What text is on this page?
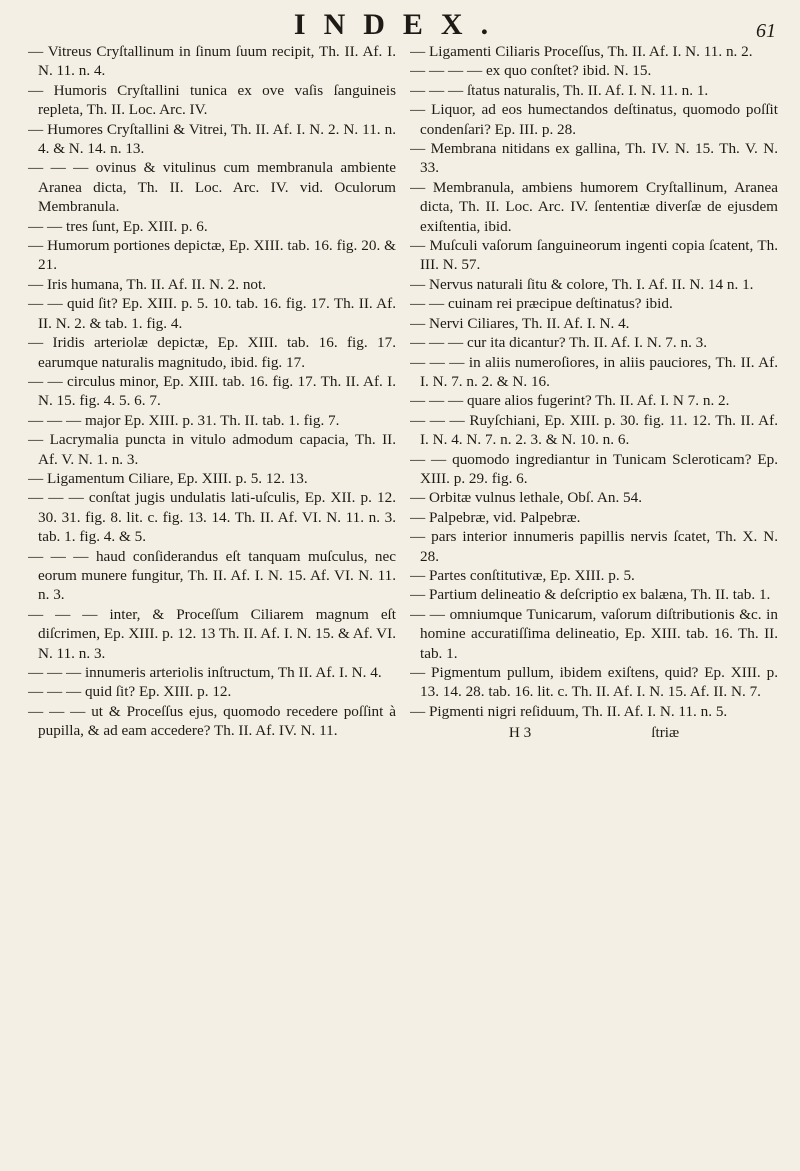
INDEX.	61

— Vitreus Cryſtallinum in ſinum ſuum recipit, Th. II. Af. I. N. 11. n. 4.

— Humoris Cryſtallini tunica ex ove vaſis ſanguineis repleta, Th. II. Loc. Arc. IV.

— Humores Cryſtallini & Vitrei, Th. II. Af. I. N. 2. N. 11. n. 4. & N. 14. n. 13.

— — — ovinus & vitulinus cum membranula ambiente Aranea dicta, Th. II. Loc. Arc. IV. vid. Oculorum Membranula.

— — tres ſunt, Ep. XIII. p. 6.

— Humorum portiones depictæ, Ep. XIII. tab. 16. fig. 20. & 21.

— Iris humana, Th. II. Af. II. N. 2. not.

— — quid ſit? Ep. XIII. p. 5. 10. tab. 16. fig. 17. Th. II. Af. II. N. 2. & tab. 1. fig. 4.

— Iridis arteriolæ depictæ, Ep. XIII. tab. 16. fig. 17. earumque naturalis magnitudo, ibid. fig. 17.

— — circulus minor, Ep. XIII. tab. 16. fig. 17. Th. II. Af. I. N. 15. fig. 4. 5. 6. 7.

— — — major Ep. XIII. p. 31. Th. II. tab. 1. fig. 7.

— Lacrymalia puncta in vitulo admodum capacia, Th. II. Af. V. N. 1. n. 3.

— Ligamentum Ciliare, Ep. XIII. p. 5. 12. 13.

— — — conſtat jugis undulatis lati-uſculis, Ep. XII. p. 12. 30. 31. fig. 8. lit. c. fig. 13. 14. Th. II. Af. VI. N. 11. n. 3. tab. 1. fig. 4. & 5.

— — — haud conſiderandus eſt tanquam muſculus, nec eorum munere fungitur, Th. II. Af. I. N. 15. Af. VI. N. 11. n. 3.

— — — inter, & Proceſſum Ciliarem magnum eſt diſcrimen, Ep. XIII. p. 12. 13 Th. II. Af. I. N. 15. & Af. VI. N. 11. n. 3.

— — — innumeris arteriolis inſtructum, Th II. Af. I. N. 4.

— — — quid ſit? Ep. XIII. p. 12.

— — — ut & Proceſſus ejus, quomodo recedere poſſint à pupilla, & ad eam accedere? Th. II. Af. IV. N. 11.

— Ligamenti Ciliaris Proceſſus, Th. II. Af. I. N. 11. n. 2.

— — — — ex quo conſtet? ibid. N. 15.

— — — ſtatus naturalis, Th. II. Af. I. N. 11. n. 1.

— Liquor, ad eos humectandos deſtinatus, quomodo poſſit condenſari? Ep. III. p. 28.

— Membrana nitidans ex gallina, Th. IV. N. 15. Th. V. N. 33.

— Membranula, ambiens humorem Cryſtallinum, Aranea dicta, Th. II. Loc. Arc. IV. ſententiæ diverſæ de ejusdem exiſtentia, ibid.

— Muſculi vaſorum ſanguineorum ingenti copia ſcatent, Th. III. N. 57.

— Nervus naturali ſitu & colore, Th. I. Af. II. N. 14 n. 1.

— — cuinam rei præcipue deſtinatus? ibid.

— Nervi Ciliares, Th. II. Af. I. N. 4.

— — — cur ita dicantur? Th. II. Af. I. N. 7. n. 3.

— — — in aliis numeroſiores, in aliis pauciores, Th. II. Af. I. N. 7. n. 2. & N. 16.

— — — quare alios fugerint? Th. II. Af. I. N 7. n. 2.

— — — Ruyſchiani, Ep. XIII. p. 30. fig. 11. 12. Th. II. Af. I. N. 4. N. 7. n. 2. 3. & N. 10. n. 6.

— — quomodo ingrediantur in Tunicam Scleroticam? Ep. XIII. p. 29. fig. 6.

— Orbitæ vulnus lethale, Obſ. An. 54.

— Palpebræ, vid. Palpebræ.

— pars interior innumeris papillis nervis ſcatet, Th. X. N. 28.

— Partes conſtitutivæ, Ep. XIII. p. 5.

— Partium delineatio & deſcriptio ex balæna, Th. II. tab. 1.

— — omniumque Tunicarum, vaſorum diſtributionis &c. in homine accuratiſſima delineatio, Ep. XIII. tab. 16. Th. II. tab. 1.

— Pigmentum pullum, ibidem exiſtens, quid? Ep. XIII. p. 13. 14. 28. tab. 16. lit. c. Th. II. Af. I. N. 15. Af. II. N. 7.

— Pigmenti nigri reſiduum, Th. II. Af. I. N. 11. n. 5.

H 3	ſtriæ
